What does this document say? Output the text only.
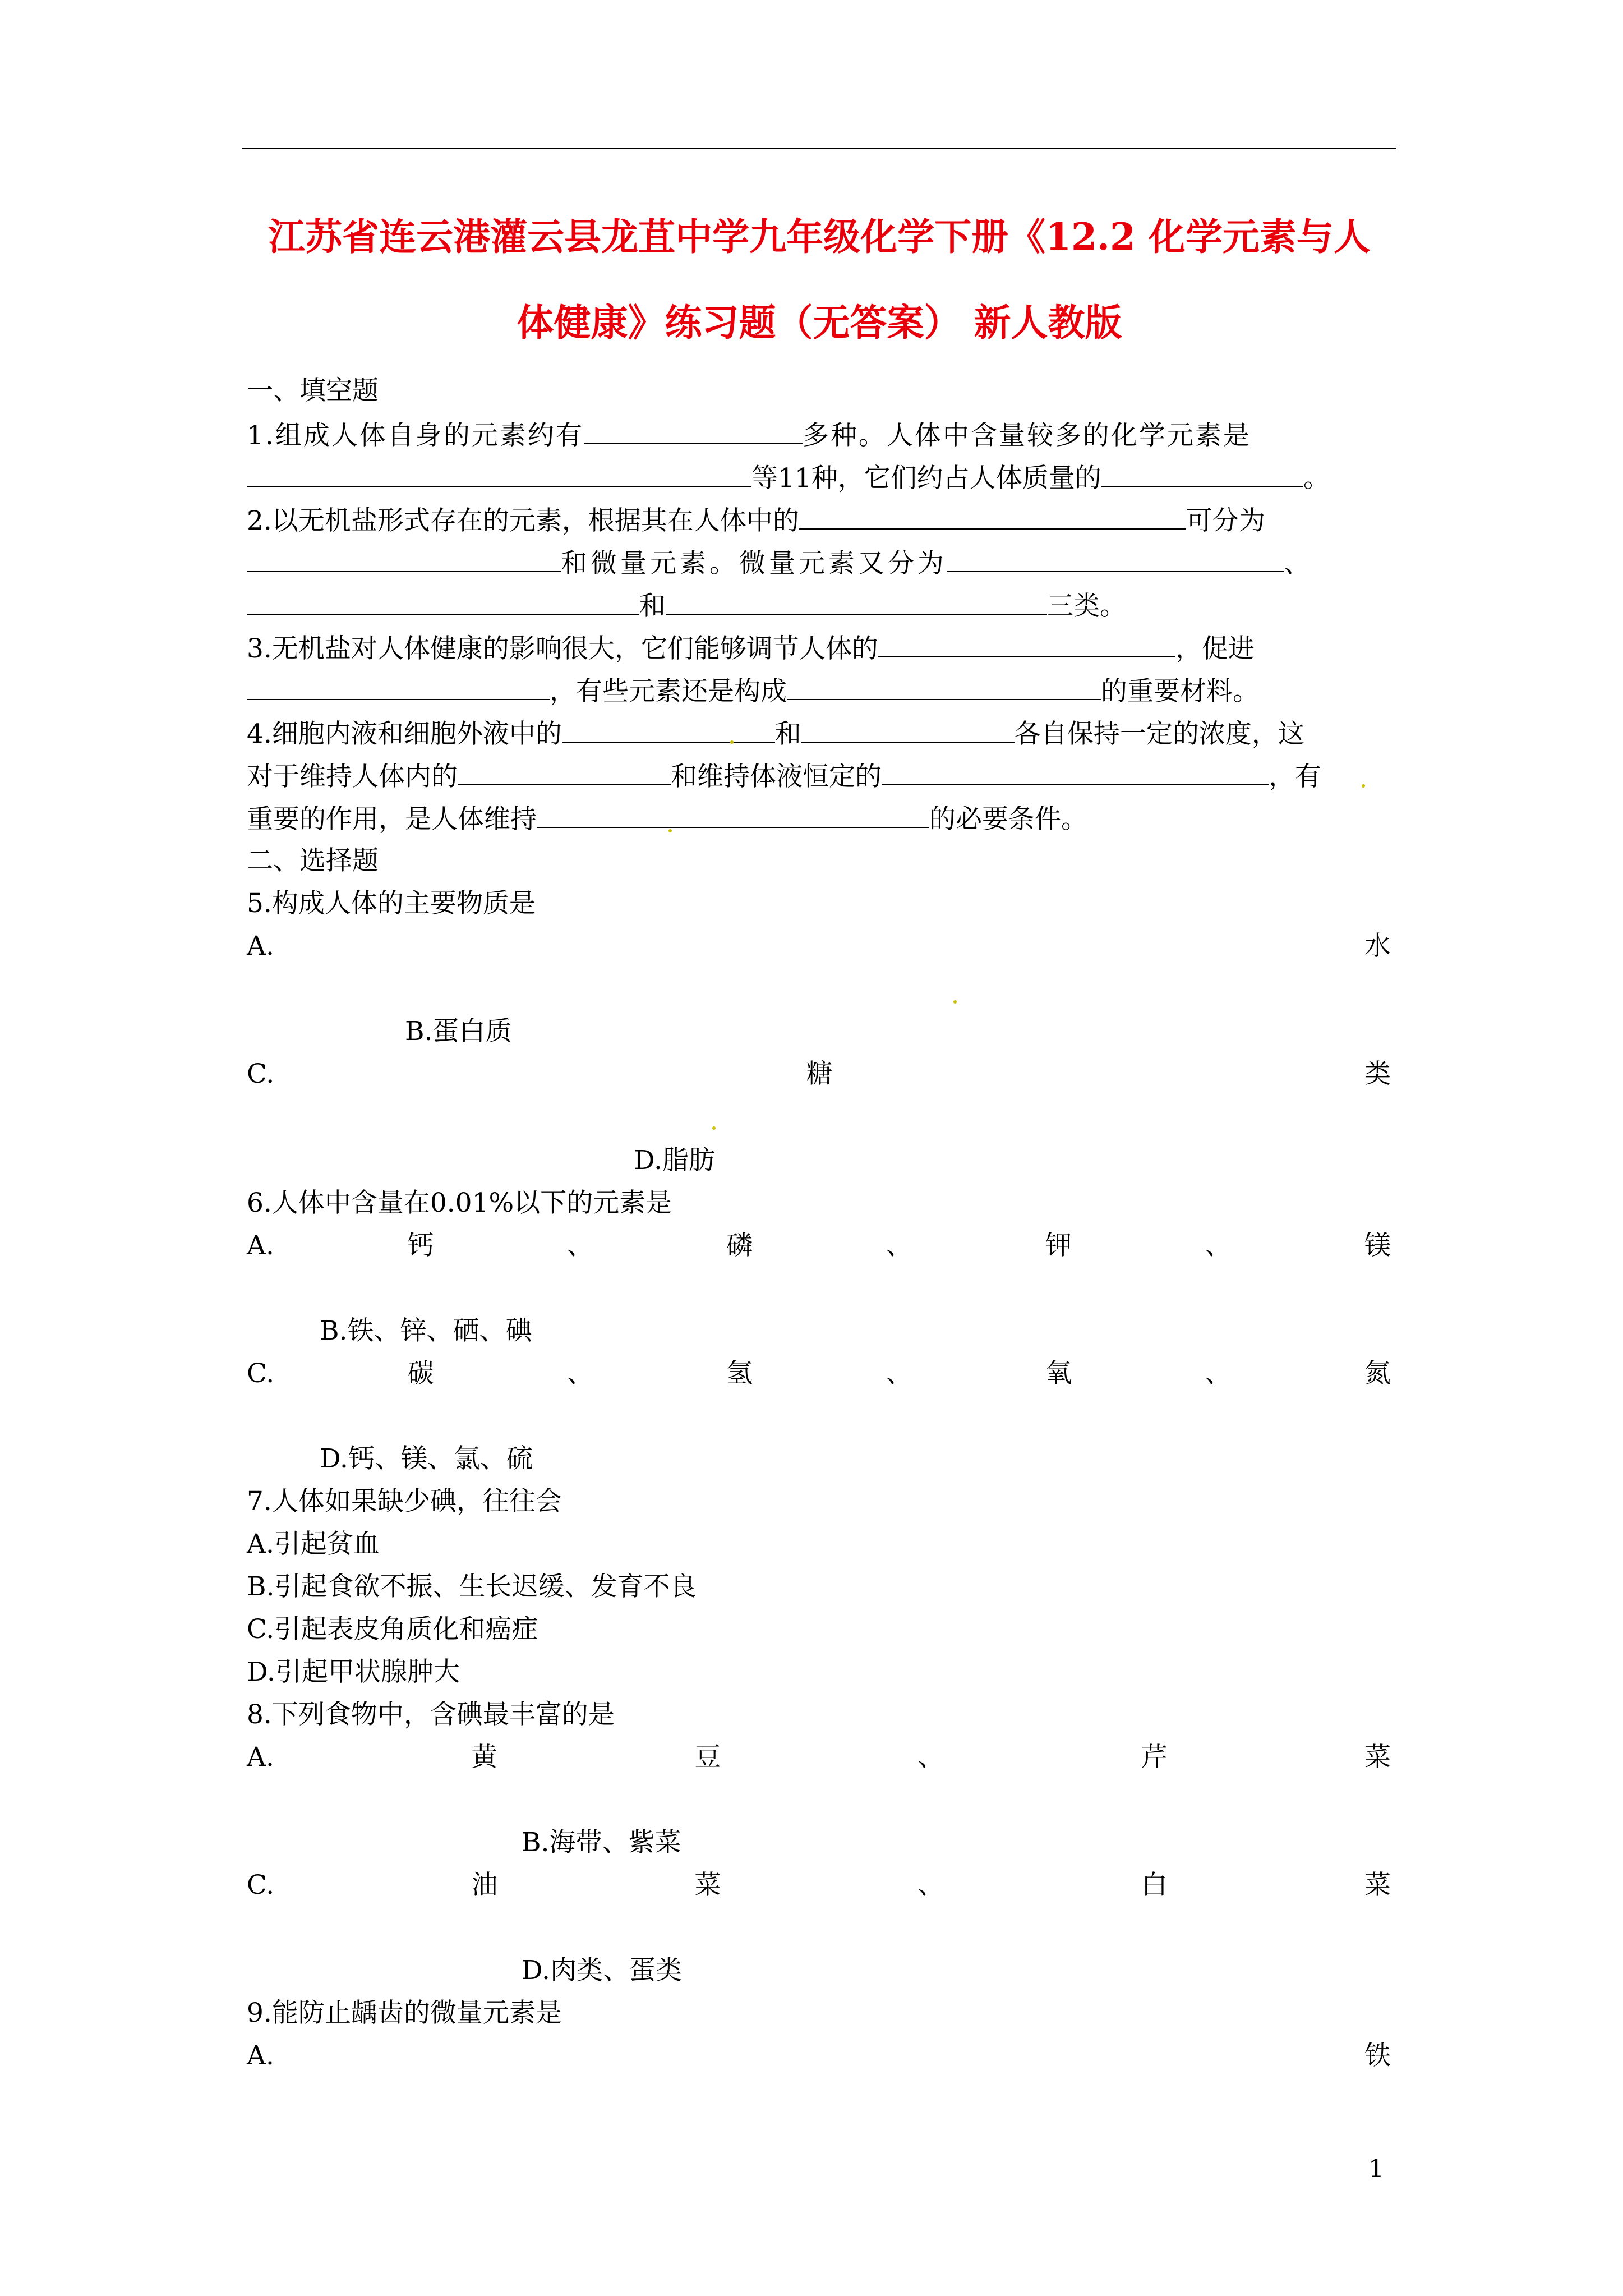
江苏省连云港灌云县龙苴中学九年级化学下册《12.2 化学元素与人
体健康》练习题（无答案） 新人教版
一、填空题
1.组成人体自身的元素约有	多种。人体中含量较多的化学元素是
等11种，它们约占人体质量的	。
2.以无机盐形式存在的元素，根据其在人体中的	可分为
和微量元素。微量元素又分为	、
和	三类。
3.无机盐对人体健康的影响很大，它们能够调节人体的	，促进
，有些元素还是构成	的重要材料。
4.细胞内液和细胞外液中的	和	各自保持一定的浓度，这
对于维持人体内的	和维持体液恒定的	，有
重要的作用，是人体维持	的必要条件。
二、选择题
5.构成人体的主要物质是
A.	水
B.蛋白质
C.	糖	类
D.脂肪
6.人体中含量在0.01%以下的元素是
A.	钙	、	磷	、	钾	、	镁
B.铁、锌、硒、碘
C.	碳	、	氢	、	氧	、	氮
D.钙、镁、氯、硫
7.人体如果缺少碘，往往会
A.引起贫血
B.引起食欲不振、生长迟缓、发育不良
C.引起表皮角质化和癌症
D.引起甲状腺肿大
8.下列食物中，含碘最丰富的是
A.	黄	豆	、	芹	菜
B.海带、紫菜
C.	油	菜	、	白	菜
D.肉类、蛋类
9.能防止龋齿的微量元素是
A.	铁
1
